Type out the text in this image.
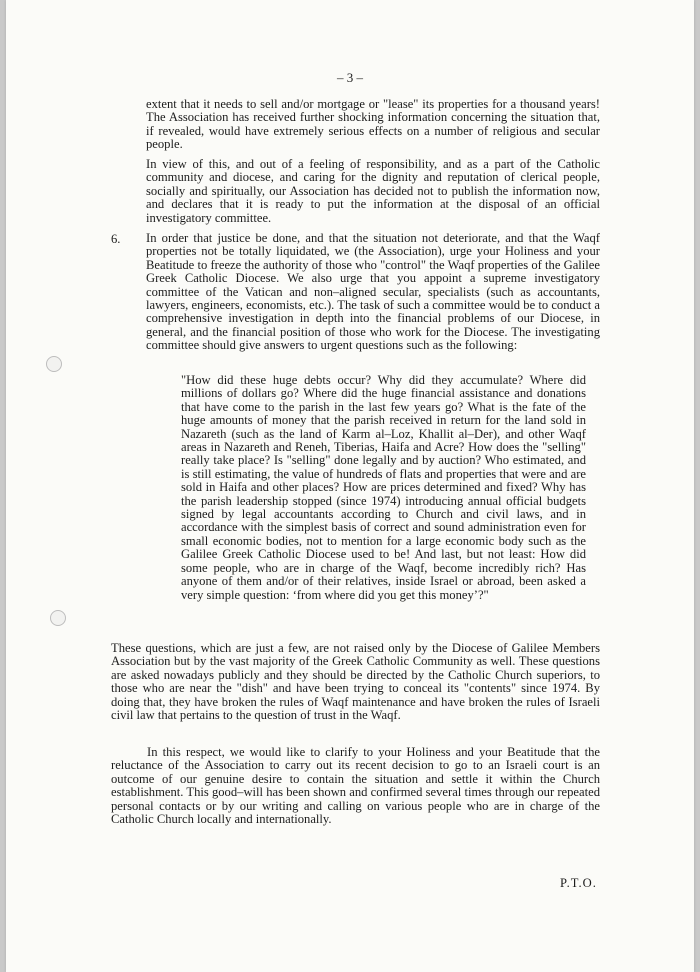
– 3 –

extent that it needs to sell and/or mortgage or "lease" its properties for a thousand years! The Association has received further shocking information concerning the situation that, if revealed, would have extremely serious effects on a number of religious and secular people.

In view of this, and out of a feeling of responsibility, and as a part of the Catholic community and diocese, and caring for the dignity and reputation of clerical people, socially and spiritually, our Association has decided not to publish the information now, and declares that it is ready to put the information at the disposal of an official investigatory committee.

6. In order that justice be done, and that the situation not deteriorate, and that the Waqf properties not be totally liquidated, we (the Association), urge your Holiness and your Beatitude to freeze the authority of those who "control" the Waqf properties of the Galilee Greek Catholic Diocese. We also urge that you appoint a supreme investigatory committee of the Vatican and non–aligned secular, specialists (such as accountants, lawyers, engineers, economists, etc.). The task of such a committee would be to conduct a comprehensive investigation in depth into the financial problems of our Diocese, in general, and the financial position of those who work for the Diocese. The investigating committee should give answers to urgent questions such as the following:

"How did these huge debts occur? Why did they accumulate? Where did millions of dollars go? Where did the huge financial assistance and donations that have come to the parish in the last few years go? What is the fate of the huge amounts of money that the parish received in return for the land sold in Nazareth (such as the land of Karm al–Loz, Khallit al–Der), and other Waqf areas in Nazareth and Reneh, Tiberias, Haifa and Acre? How does the "selling" really take place? Is "selling" done legally and by auction? Who estimated, and is still estimating, the value of hundreds of flats and properties that were and are sold in Haifa and other places? How are prices determined and fixed? Why has the parish leadership stopped (since 1974) introducing annual official budgets signed by legal accountants according to Church and civil laws, and in accordance with the simplest basis of correct and sound administration even for small economic bodies, not to mention for a large economic body such as the Galilee Greek Catholic Diocese used to be! And last, but not least: How did some people, who are in charge of the Waqf, become incredibly rich? Has anyone of them and/or of their relatives, inside Israel or abroad, been asked a very simple question: ‘from where did you get this money’?"

These questions, which are just a few, are not raised only by the Diocese of Galilee Members Association but by the vast majority of the Greek Catholic Community as well. These questions are asked nowadays publicly and they should be directed by the Catholic Church superiors, to those who are near the "dish" and have been trying to conceal its "contents" since 1974. By doing that, they have broken the rules of Waqf maintenance and have broken the rules of Israeli civil law that pertains to the question of trust in the Waqf.

In this respect, we would like to clarify to your Holiness and your Beatitude that the reluctance of the Association to carry out its recent decision to go to an Israeli court is an outcome of our genuine desire to contain the situation and settle it within the Church establishment. This good–will has been shown and confirmed several times through our repeated personal contacts or by our writing and calling on various people who are in charge of the Catholic Church locally and internationally.

P.T.O.
